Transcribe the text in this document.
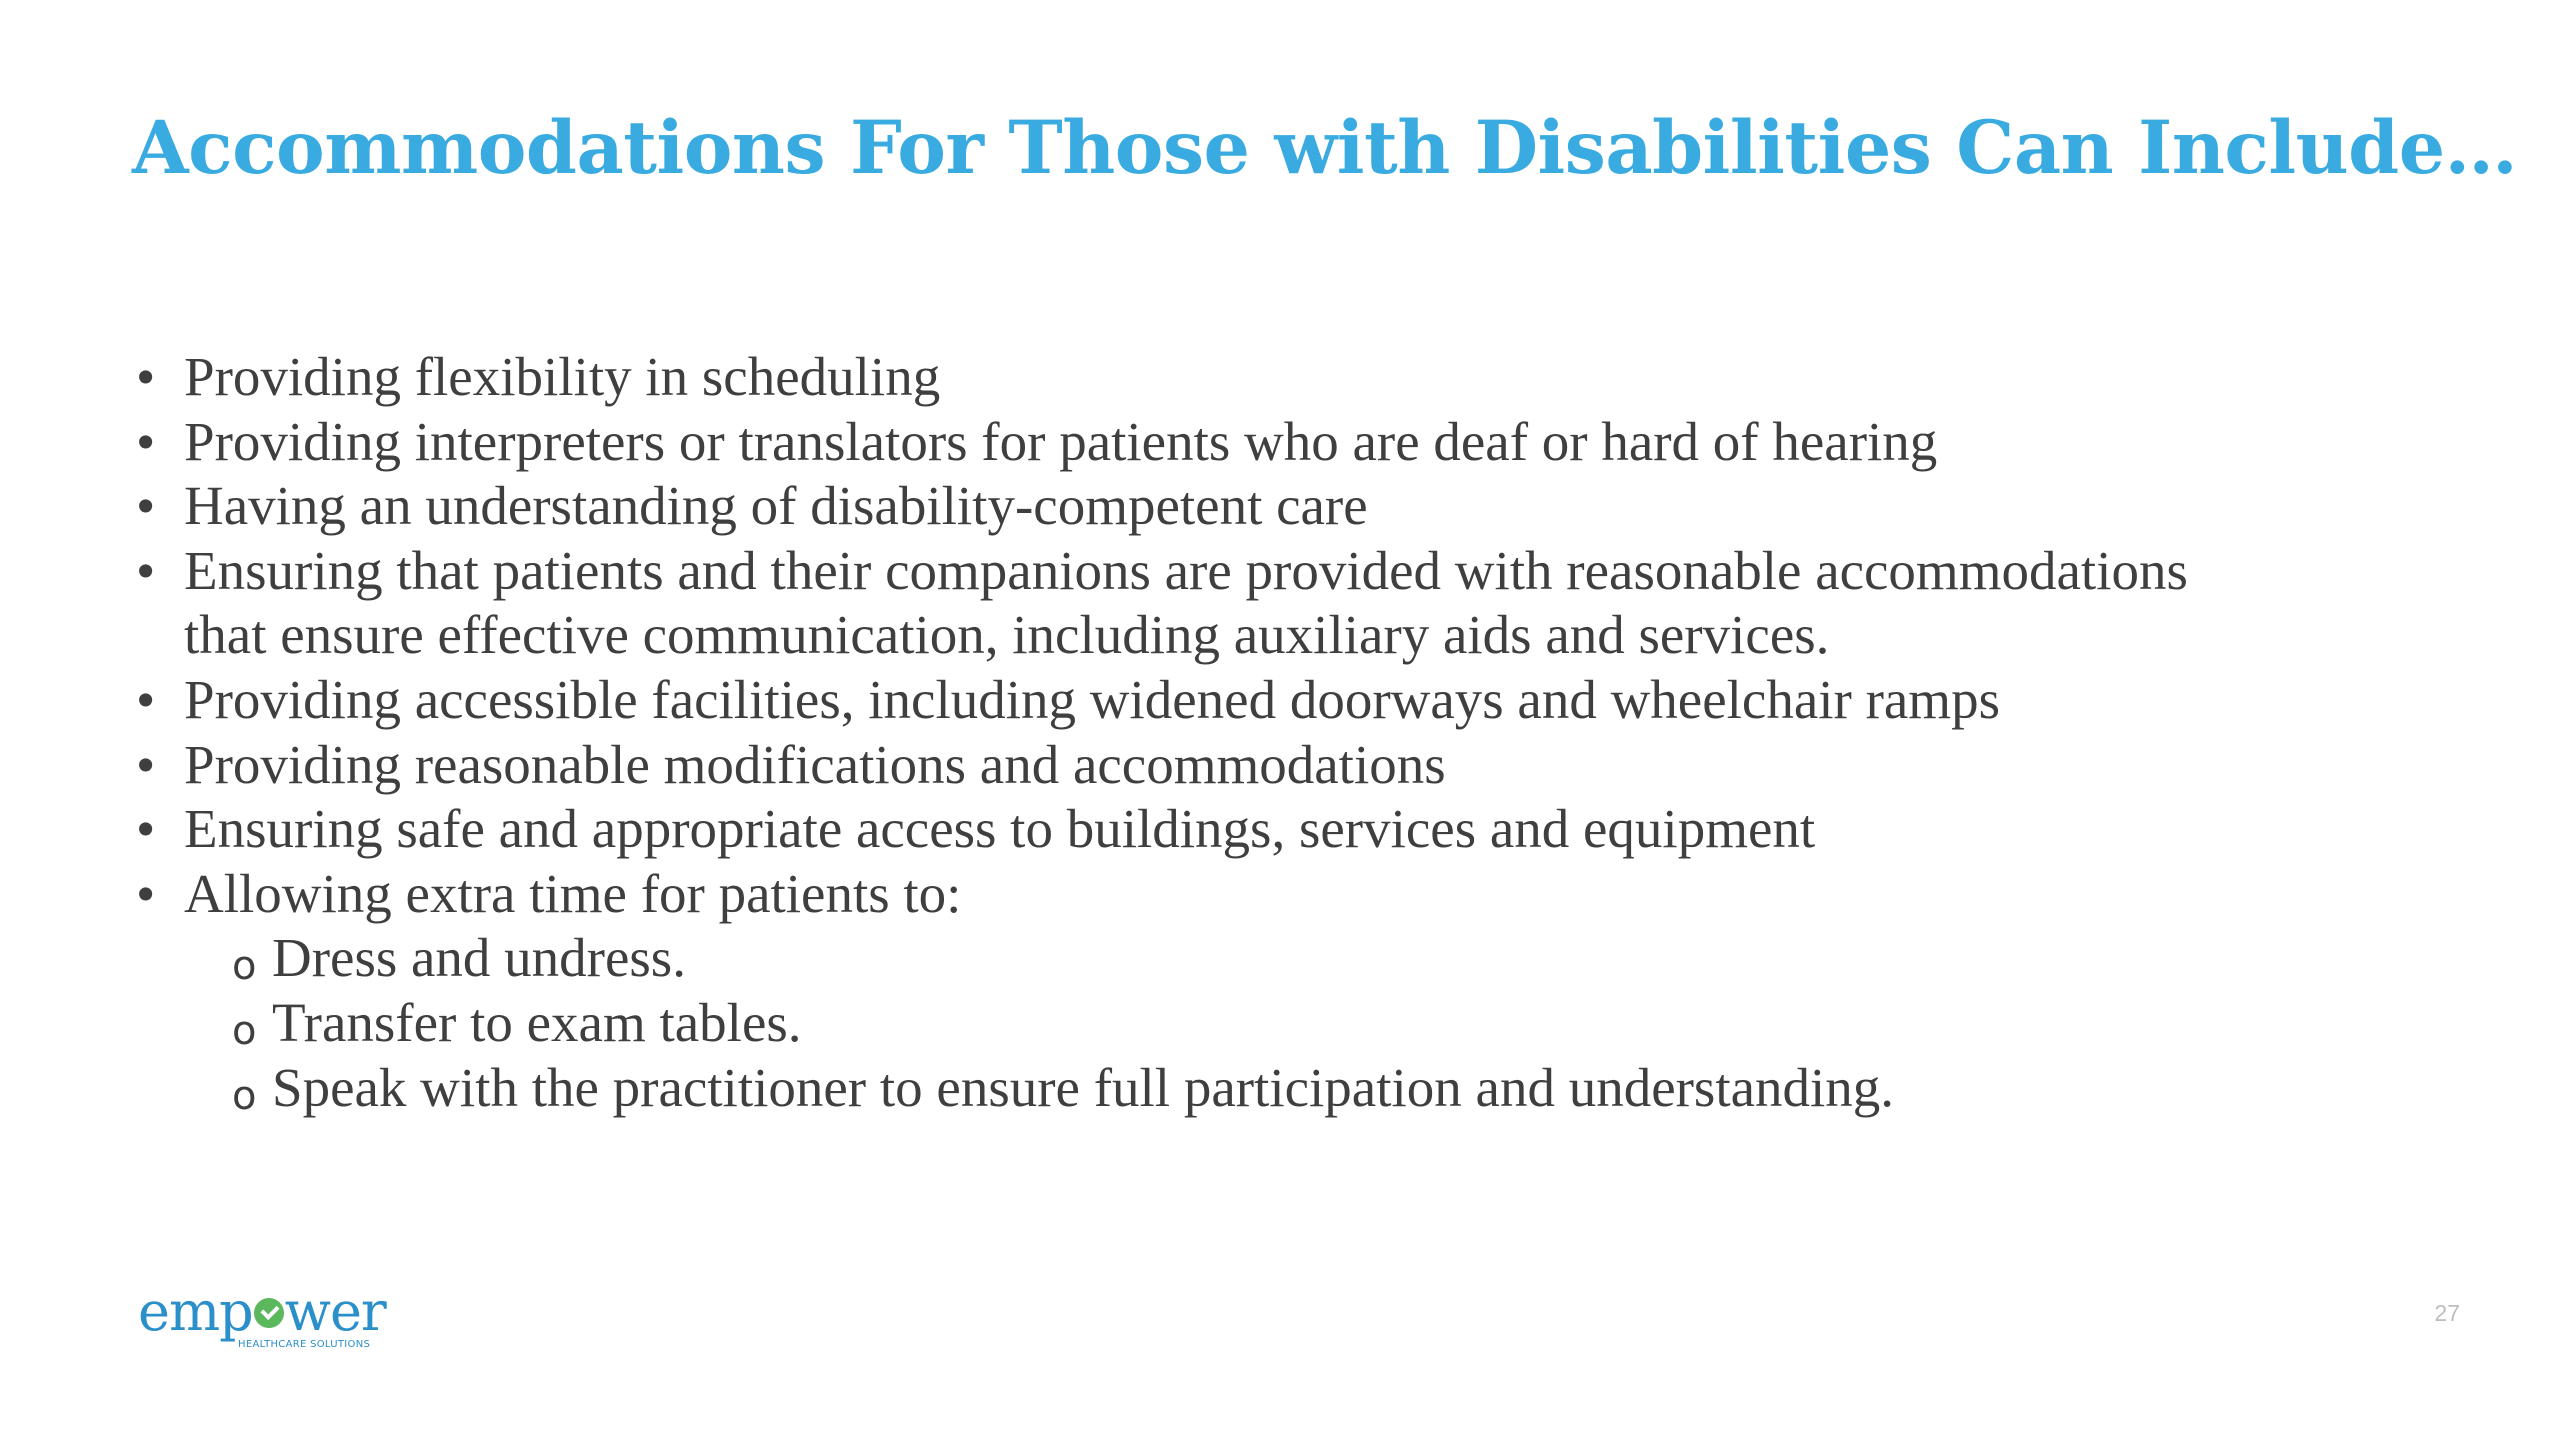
Accommodations For Those with Disabilities Can Include…
• Providing flexibility in scheduling
• Providing interpreters or translators for patients who are deaf or hard of hearing
• Having an understanding of disability-competent care
• Ensuring that patients and their companions are provided with reasonable accommodations that ensure effective communication, including auxiliary aids and services.
• Providing accessible facilities, including widened doorways and wheelchair ramps
• Providing reasonable modifications and accommodations
• Ensuring safe and appropriate access to buildings, services and equipment
• Allowing extra time for patients to:
o Dress and undress.
o Transfer to exam tables.
o Speak with the practitioner to ensure full participation and understanding.
emp wer
HEALTHCARE SOLUTIONS
27
